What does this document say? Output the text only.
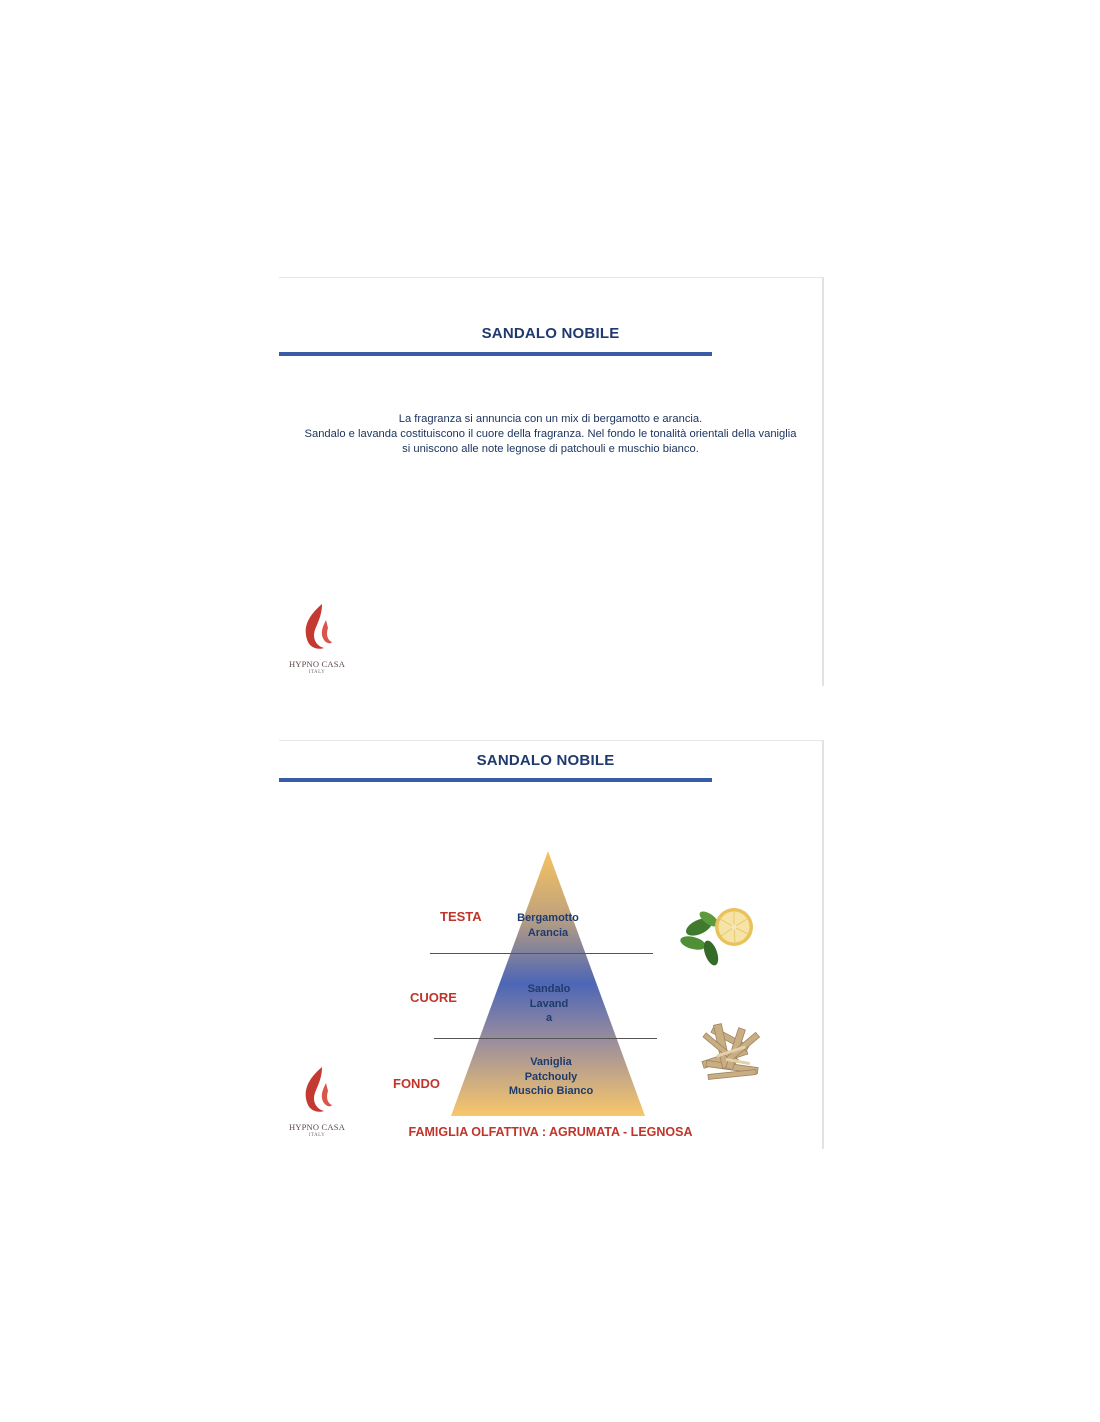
SANDALO NOBILE
La fragranza si annuncia con un mix di bergamotto e arancia.
Sandalo e lavanda costituiscono il cuore della fragranza. Nel fondo le tonalità orientali della vaniglia
si uniscono alle note legnose di patchouli e muschio bianco.
HYPNO CASA
ITALY
SANDALO NOBILE
TESTA
CUORE
FONDO
Bergamotto
Arancia
Sandalo
Lavand
a
Vaniglia
Patchouly
Muschio Bianco
HYPNO CASA
ITALY	FAMIGLIA OLFATTIVA : AGRUMATA - LEGNOSA
